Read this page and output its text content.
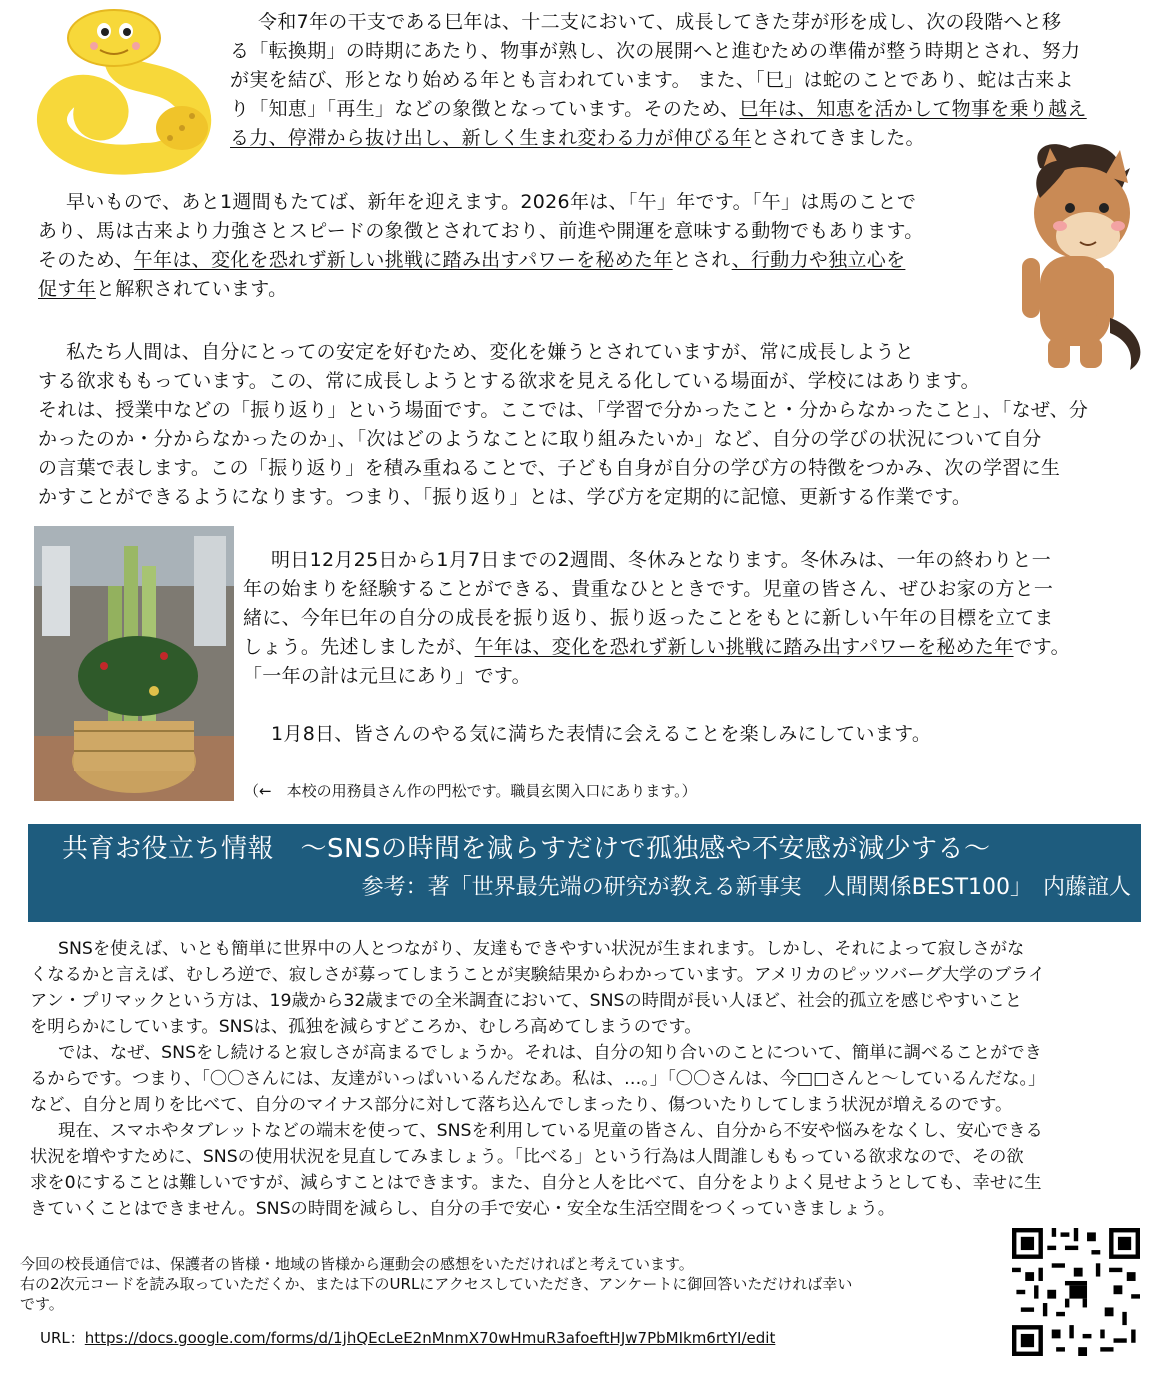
令和7年の干支である巳年は、十二支において、成長してきた芽が形を成し、次の段階へと移
る「転換期」の時期にあたり、物事が熟し、次の展開へと進むための準備が整う時期とされ、努力
が実を結び、形となり始める年とも言われています。 また、「巳」は蛇のことであり、蛇は古来よ
り「知恵」「再生」などの象徴となっています。そのため、巳年は、知恵を活かして物事を乗り越え
る力、停滞から抜け出し、新しく生まれ変わる力が伸びる年とされてきました。

早いもので、あと1週間もたてば、新年を迎えます。2026年は、「午」年です。「午」は馬のことで
あり、馬は古来より力強さとスピードの象徴とされており、前進や開運を意味する動物でもあります。
そのため、午年は、変化を恐れず新しい挑戦に踏み出すパワーを秘めた年とされ、行動力や独立心を
促す年と解釈されています。

私たち人間は、自分にとっての安定を好むため、変化を嫌うとされていますが、常に成長しようと
する欲求ももっています。この、常に成長しようとする欲求を見える化している場面が、学校にはあります。
それは、授業中などの「振り返り」という場面です。ここでは、「学習で分かったこと・分からなかったこと」、「なぜ、分
かったのか・分からなかったのか」、「次はどのようなことに取り組みたいか」など、自分の学びの状況について自分
の言葉で表します。この「振り返り」を積み重ねることで、子ども自身が自分の学び方の特徴をつかみ、次の学習に生
かすことができるようになります。つまり、「振り返り」とは、学び方を定期的に記憶、更新する作業です。

明日12月25日から1月7日までの2週間、冬休みとなります。冬休みは、一年の終わりと一
年の始まりを経験することができる、貴重なひとときです。児童の皆さん、ぜひお家の方と一
緒に、今年巳年の自分の成長を振り返り、振り返ったことをもとに新しい午年の目標を立てま
しょう。先述しましたが、午年は、変化を恐れず新しい挑戦に踏み出すパワーを秘めた年です。
「一年の計は元旦にあり」です。

1月8日、皆さんのやる気に満ちた表情に会えることを楽しみにしています。

（←　本校の用務員さん作の門松です。職員玄関入口にあります。）
共育お役立ち情報　～SNSの時間を減らすだけで孤独感や不安感が減少する～
参考：著「世界最先端の研究が教える新事実　人間関係BEST100」　内藤誼人

SNSを使えば、いとも簡単に世界中の人とつながり、友達もできやすい状況が生まれます。しかし、それによって寂しさがな
くなるかと言えば、むしろ逆で、寂しさが募ってしまうことが実験結果からわかっています。アメリカのピッツバーグ大学のブライ
アン・プリマックという方は、19歳から32歳までの全米調査において、SNSの時間が長い人ほど、社会的孤立を感じやすいこと
を明らかにしています。SNSは、孤独を減らすどころか、むしろ高めてしまうのです。
では、なぜ、SNSをし続けると寂しさが高まるでしょうか。それは、自分の知り合いのことについて、簡単に調べることができ
るからです。つまり、「〇〇さんには、友達がいっぱいいるんだなあ。私は、…。」「〇〇さんは、今□□さんと～しているんだな。」
など、自分と周りを比べて、自分のマイナス部分に対して落ち込んでしまったり、傷ついたりしてしまう状況が増えるのです。
現在、スマホやタブレットなどの端末を使って、SNSを利用している児童の皆さん、自分から不安や悩みをなくし、安心できる
状況を増やすために、SNSの使用状況を見直してみましょう。「比べる」という行為は人間誰しももっている欲求なので、その欲
求を0にすることは難しいですが、減らすことはできます。また、自分と人を比べて、自分をよりよく見せようとしても、幸せに生
きていくことはできません。SNSの時間を減らし、自分の手で安心・安全な生活空間をつくっていきましょう。

今回の校長通信では、保護者の皆様・地域の皆様から運動会の感想をいただければと考えています。
右の2次元コードを読み取っていただくか、または下のURLにアクセスしていただき、アンケートに御回答いただければ幸い
です。

URL：https://docs.google.com/forms/d/1jhQEcLeE2nMnmX70wHmuR3afoeftHJw7PbMIkm6rtYI/edit
